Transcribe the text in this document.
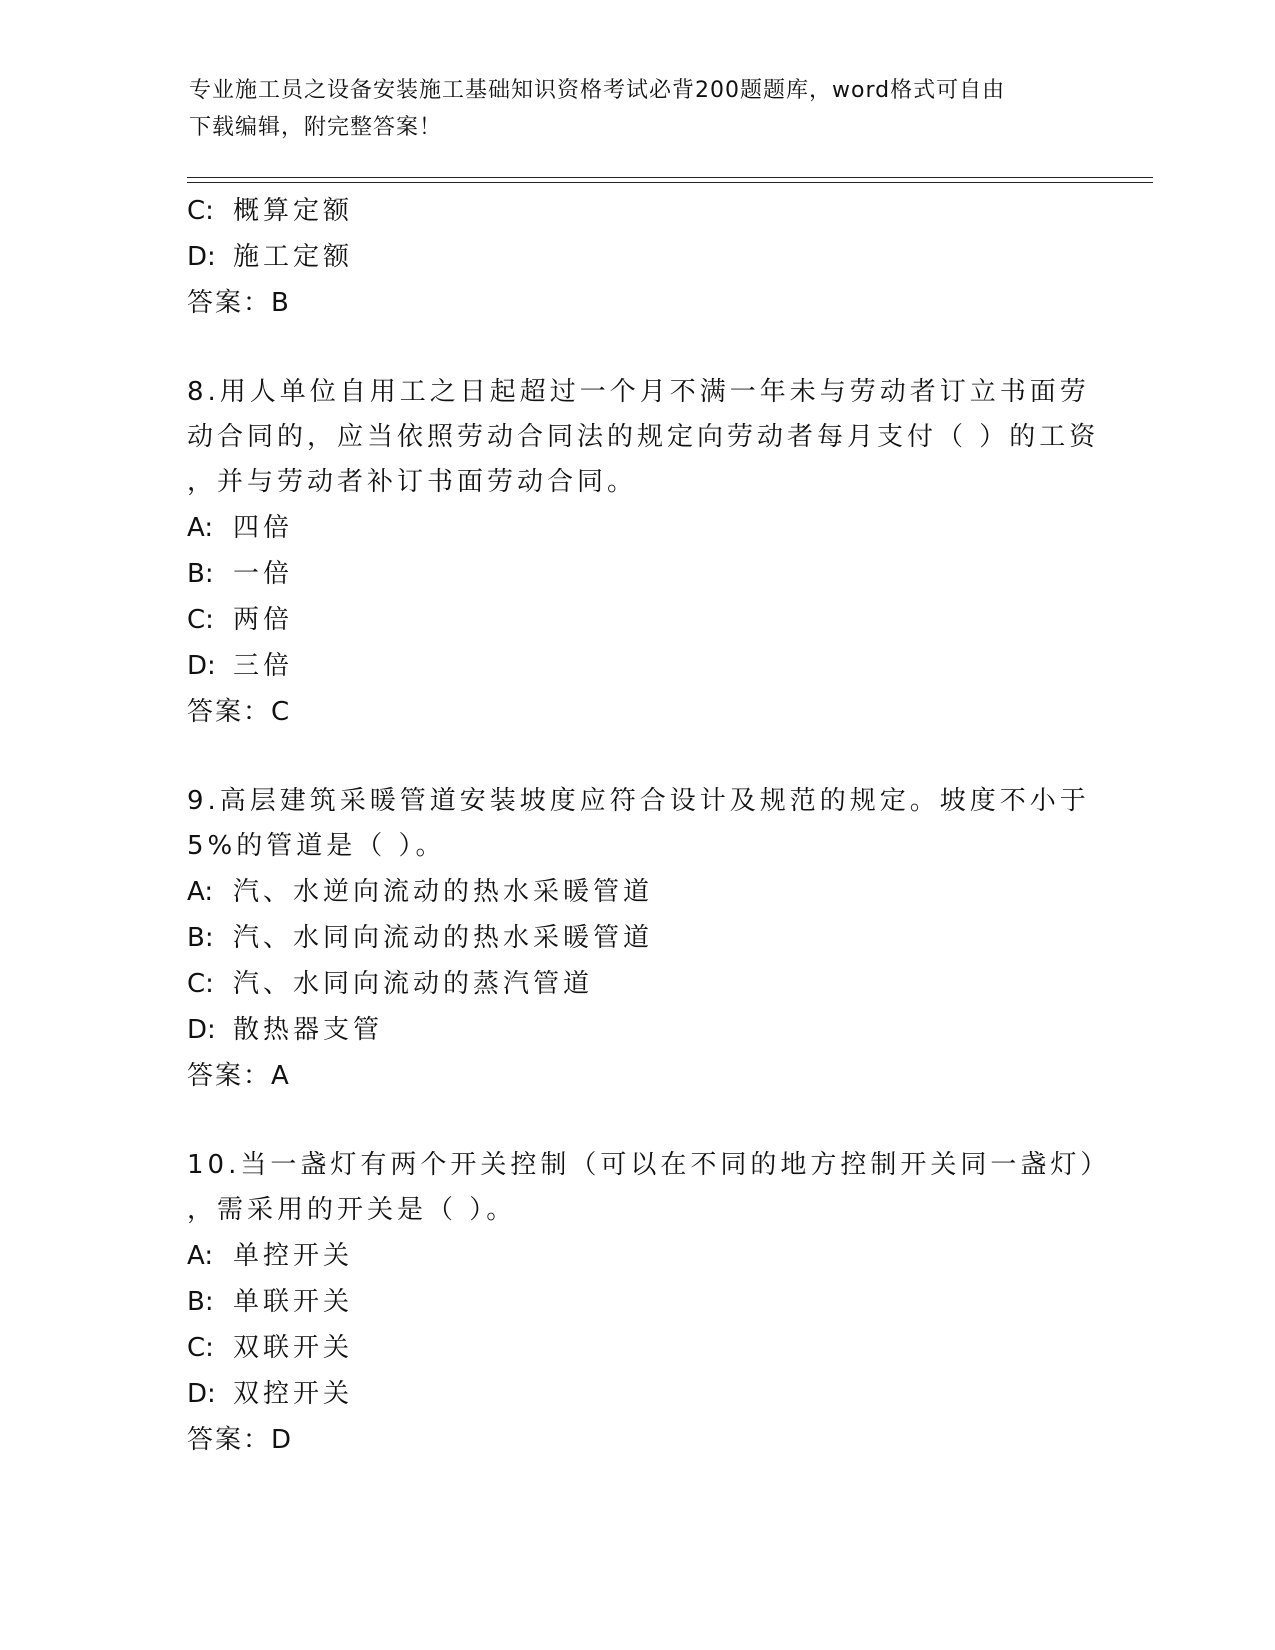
专业施工员之设备安装施工基础知识资格考试必背200题题库，word格式可自由
下载编辑，附完整答案！
C: 概算定额
D: 施工定额
答案：B
8.用人单位自用工之日起超过一个月不满一年未与劳动者订立书面劳
动合同的，应当依照劳动合同法的规定向劳动者每月支付（ ）的工资
，并与劳动者补订书面劳动合同。
A: 四倍
B: 一倍
C: 两倍
D: 三倍
答案：C
9.高层建筑采暖管道安装坡度应符合设计及规范的规定。坡度不小于
5%的管道是（ ）。
A: 汽、水逆向流动的热水采暖管道
B: 汽、水同向流动的热水采暖管道
C: 汽、水同向流动的蒸汽管道
D: 散热器支管
答案：A
10.当一盏灯有两个开关控制（可以在不同的地方控制开关同一盏灯）
，需采用的开关是（ ）。
A: 单控开关
B: 单联开关
C: 双联开关
D: 双控开关
答案：D
